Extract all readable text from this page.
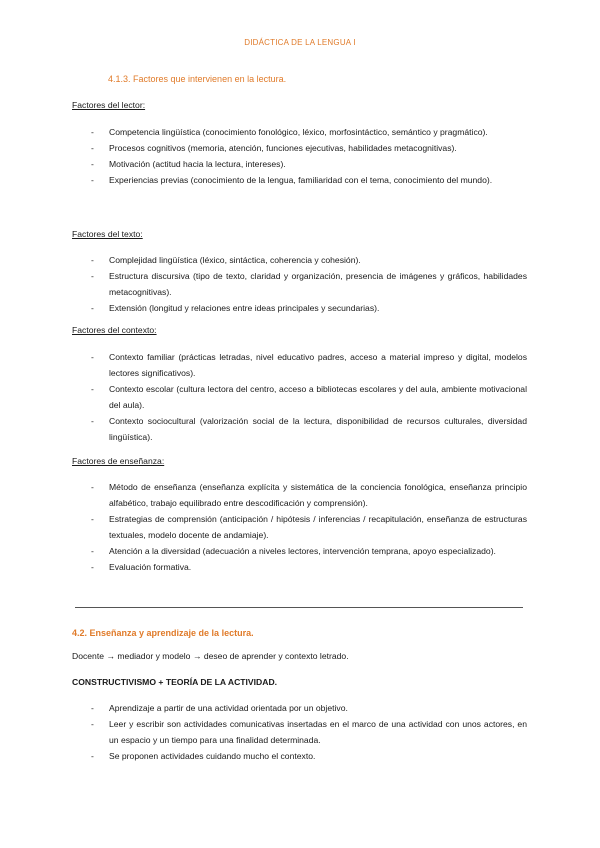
DIDÁCTICA DE LA LENGUA I
4.1.3. Factores que intervienen en la lectura.
Factores del lector:
- Competencia lingüística (conocimiento fonológico, léxico, morfosintáctico, semántico y pragmático).
- Procesos cognitivos (memoria, atención, funciones ejecutivas, habilidades metacognitivas).
- Motivación (actitud hacia la lectura, intereses).
- Experiencias previas (conocimiento de la lengua, familiaridad con el tema, conocimiento del mundo).
Factores del texto:
- Complejidad lingüística (léxico, sintáctica, coherencia y cohesión).
- Estructura discursiva (tipo de texto, claridad y organización, presencia de imágenes y gráficos, habilidades metacognitivas).
- Extensión (longitud y relaciones entre ideas principales y secundarias).
Factores del contexto:
- Contexto familiar (prácticas letradas, nivel educativo padres, acceso a material impreso y digital, modelos lectores significativos).
- Contexto escolar (cultura lectora del centro, acceso a bibliotecas escolares y del aula, ambiente motivacional del aula).
- Contexto sociocultural (valorización social de la lectura, disponibilidad de recursos culturales, diversidad lingüística).
Factores de enseñanza:
- Método de enseñanza (enseñanza explícita y sistemática de la conciencia fonológica, enseñanza principio alfabético, trabajo equilibrado entre descodificación y comprensión).
- Estrategias de comprensión (anticipación / hipótesis / inferencias / recapitulación, enseñanza de estructuras textuales, modelo docente de andamiaje).
- Atención a la diversidad (adecuación a niveles lectores, intervención temprana, apoyo especializado).
- Evaluación formativa.
4.2. Enseñanza y aprendizaje de la lectura.
Docente → mediador y modelo → deseo de aprender y contexto letrado.
CONSTRUCTIVISMO + TEORÍA DE LA ACTIVIDAD.
- Aprendizaje a partir de una actividad orientada por un objetivo.
- Leer y escribir son actividades comunicativas insertadas en el marco de una actividad con unos actores, en un espacio y un tiempo para una finalidad determinada.
- Se proponen actividades cuidando mucho el contexto.
